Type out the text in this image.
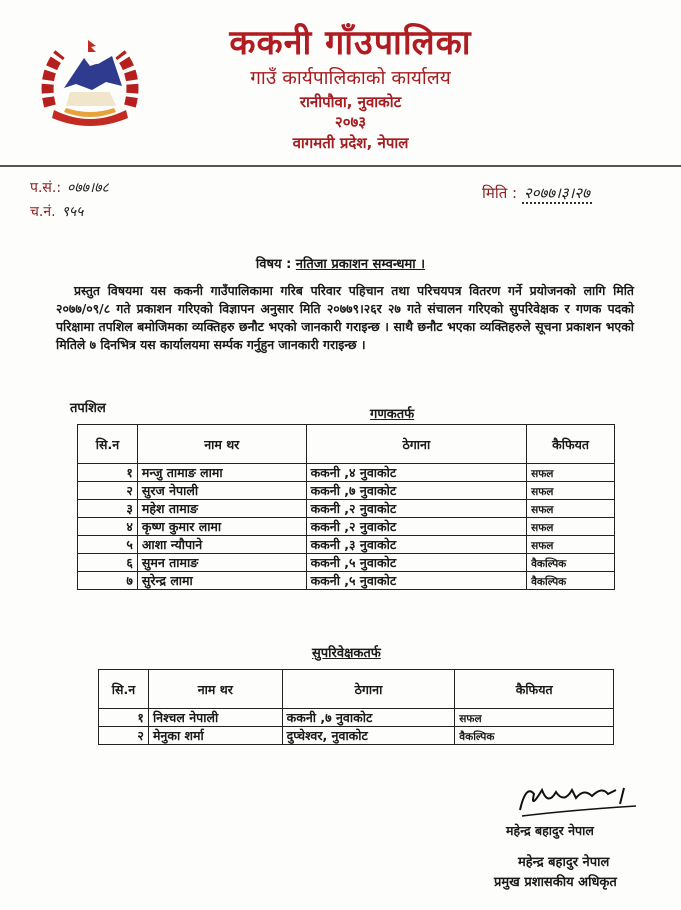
ककनी गाँउपालिका
गाउँ कार्यपालिकाको कार्यालय
रानीपौवा, नुवाकोट
२०७३
वागमती प्रदेश, नेपाल
प.सं.: ०७७।७८
च.नं. ९५५
मिति : २०७७।३।२७
विषय : नतिजा प्रकाशन सम्वन्धमा ।
प्रस्तुत विषयमा यस ककनी गाउँपालिकामा गरिब परिवार पहिचान तथा परिचयपत्र वितरण गर्ने प्रयोजनको लागि मिति २०७७/०९/८ गते प्रकाशन गरिएको विज्ञापन अनुसार मिति २०७७९।२६र २७ गते संचालन गरिएको सुपरिवेक्षक र गणक पदको परिक्षामा तपशिल बमोजिमका व्यक्तिहरु छनौट भएको जानकारी गराइन्छ । साथै छनौट भएका व्यक्तिहरुले सूचना प्रकाशन भएको मितिले ७ दिनभित्र यस कार्यालयमा सर्म्पक गर्नुहुन जानकारी गराइन्छ ।
तपशिल	गणकतर्फ
सि.न	नाम थर	ठेगाना	कैफियत
१	मन्जु तामाङ लामा	ककनी ,४ नुवाकोट	सफल
२	सुरज नेपाली	ककनी ,७ नुवाकोट	सफल
३	महेश तामाङ	ककनी ,२ नुवाकोट	सफल
४	कृष्ण कुमार लामा	ककनी ,२ नुवाकोट	सफल
५	आशा न्यौपाने	ककनी ,३ नुवाकोट	सफल
६	सुमन तामाङ	ककनी ,५ नुवाकोट	वैकल्पिक
७	सुरेन्द्र लामा	ककनी ,५ नुवाकोट	वैकल्पिक
सुपरिवेक्षकतर्फ
सि.न	नाम थर	ठेगाना	कैफियत
१	निश्चल नेपाली	ककनी ,७ नुवाकोट	सफल
२	मेनुका शर्मा	दुप्चेश्वर, नुवाकोट	वैकल्पिक
महेन्द्र बहादुर नेपाल
महेन्द्र बहादुर नेपाल
प्रमुख प्रशासकीय अधिकृत
